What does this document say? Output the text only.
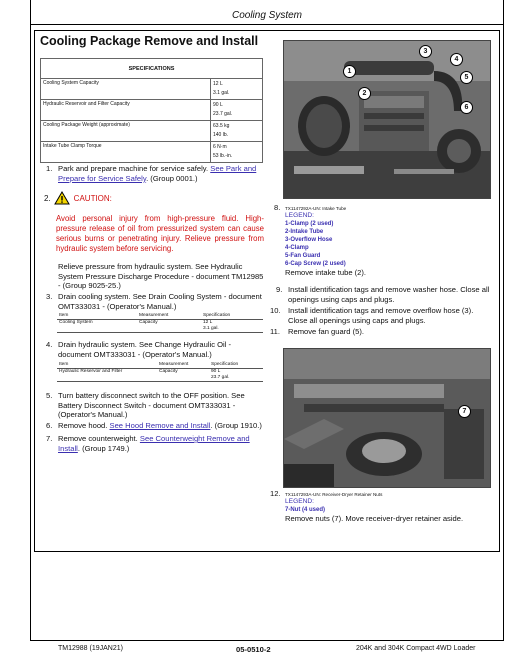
Cooling System
Cooling Package Remove and Install
SPECIFICATIONS	
Cooling System Capacity	12 L
3.1 gal.

Hydraulic Reservoir and Filter Capacity	90 L
23.7 gal.

Cooling Package Weight (approximate)	63.5 kg
140 lb.

Intake Tube Clamp Torque	6 N·m
53 lb.-in.
1. Park and prepare machine for service safely. See Park and Prepare for Service Safely. (Group 0001.)
2.	CAUTION:
Avoid personal injury from high-pressure fluid. High-pressure release of oil from pressurized system can cause serious burns or penetrating injury. Relieve pressure from hydraulic system before servicing.
Relieve pressure from hydraulic system. See Hydraulic System Pressure Discharge Procedure - document TM12985 - (Group 9025-25.)
3. Drain cooling system. See Drain Cooling System - document OMT333031 - (Operator's Manual.)
Item	Measurement	Specification
Cooling System	Capacity	12 L
3.1 gal.
4. Drain hydraulic system. See Change Hydraulic Oil - document OMT333031 - (Operator's Manual.)
Item	Measurement	Specification
Hydraulic Reservoir and Filter	Capacity	90 L
23.7 gal.
5. Turn battery disconnect switch to the OFF position. See Battery Disconnect Switch - document OMT333031 - (Operator's Manual.)
6. Remove hood. See Hood Remove and Install. (Group 1910.)
7. Remove counterweight. See Counterweight Remove and Install. (Group 1749.)
1
2
3
4
5
6
8. TX1147292A-UN: Intake Tube
LEGEND:
1-Clamp (2 used)
2-Intake Tube
3-Overflow Hose
4-Clamp
5-Fan Guard
6-Cap Screw (2 used)
Remove intake tube (2).
9. Install identification tags and remove washer hose. Close all openings using caps and plugs.
10. Install identification tags and remove overflow hose (3). Close all openings using caps and plugs.
11. Remove fan guard (5).
7
12. TX1147293A-UN: Receiver-Dryer Retainer Nuts
LEGEND:
7-Nut (4 used)
Remove nuts (7). Move receiver-dryer retainer aside.
TM12988 (19JAN21)	05-0510-2	204K and 304K Compact 4WD Loader
